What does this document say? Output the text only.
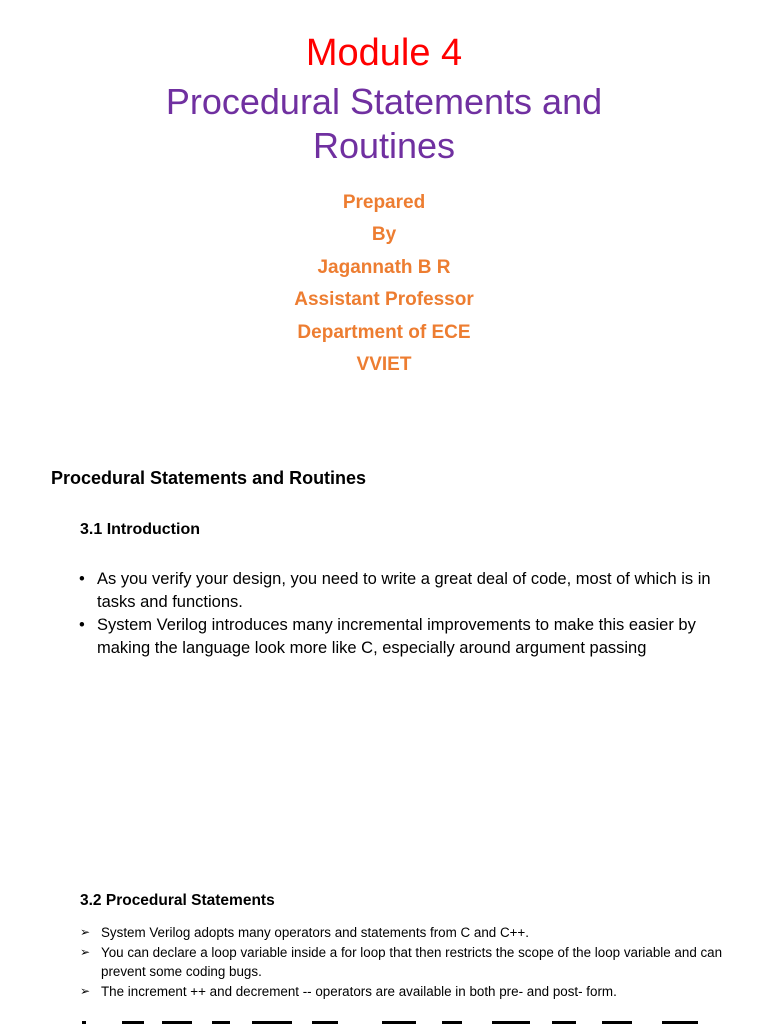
Module 4
Procedural Statements and
Routines
Prepared
By
Jagannath B R
Assistant Professor
Department of ECE
VVIET
Procedural Statements and Routines
3.1 Introduction
• As you verify your design, you need to write a great deal of code, most of which is in tasks and functions.
• System Verilog introduces many incremental improvements to make this easier by making the language look more like C, especially around argument passing
3.2 Procedural Statements
➢ System Verilog adopts many operators and statements from C and C++.
➢ You can declare a loop variable inside a for loop that then restricts the scope of the loop variable and can prevent some coding bugs.
➢ The increment ++ and decrement -- operators are available in both pre- and post- form.
